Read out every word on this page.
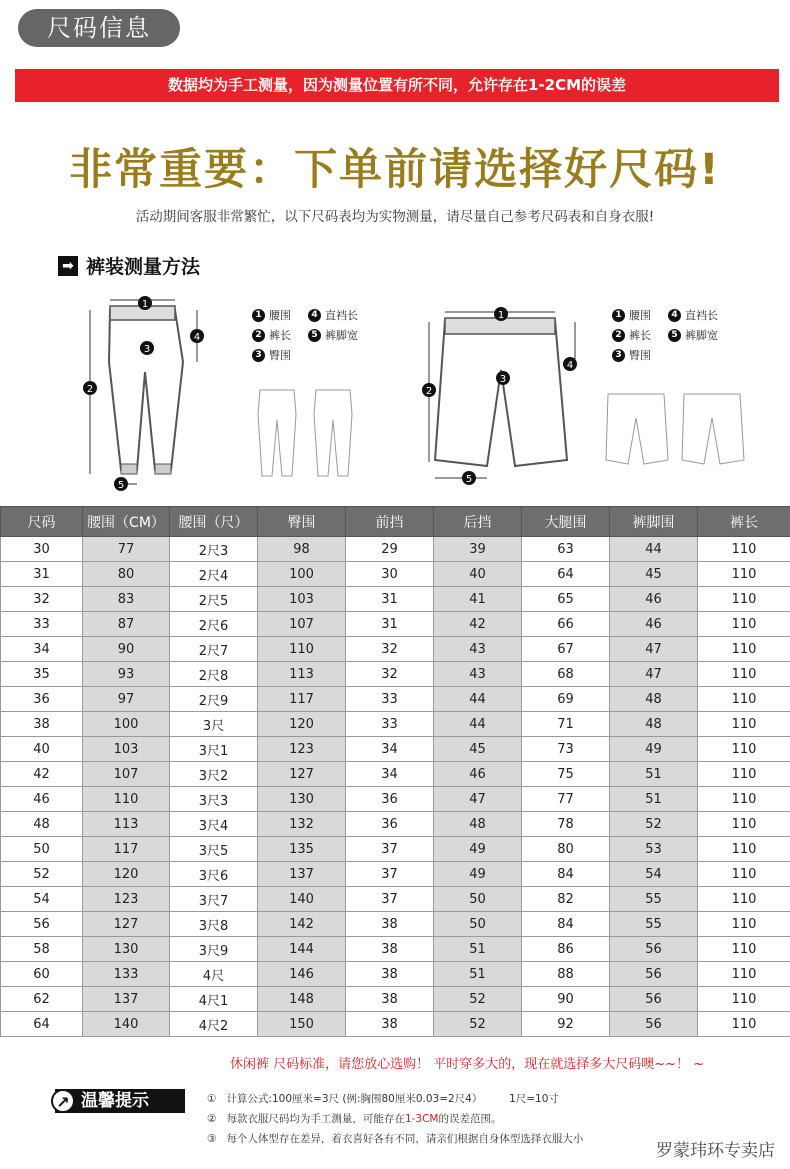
尺码信息
数据均为手工测量，因为测量位置有所不同，允许存在1-2CM的误差
非常重要：下单前请选择好尺码!
活动期间客服非常繁忙，以下尺码表均为实物测量，请尽量自己参考尺码表和自身衣服!
➡ 裤装测量方法
1
2
3
4
5
1 腰围	4 直裆长
2 裤长	5 裤脚宽
3 臀围
1
2
3
4
5
1 腰围	4 直裆长
2 裤长	5 裤脚宽
3 臀围
尺码	腰围（CM）	腰围（尺）	臀围	前挡	后挡	大腿围	裤脚围	裤长
30	77	2尺3	98	29	39	63	44	110
31	80	2尺4	100	30	40	64	45	110
32	83	2尺5	103	31	41	65	46	110
33	87	2尺6	107	31	42	66	46	110
34	90	2尺7	110	32	43	67	47	110
35	93	2尺8	113	32	43	68	47	110
36	97	2尺9	117	33	44	69	48	110
38	100	3尺	120	33	44	71	48	110
40	103	3尺1	123	34	45	73	49	110
42	107	3尺2	127	34	46	75	51	110
46	110	3尺3	130	36	47	77	51	110
48	113	3尺4	132	36	48	78	52	110
50	117	3尺5	135	37	49	80	53	110
52	120	3尺6	137	37	49	84	54	110
54	123	3尺7	140	37	50	82	55	110
56	127	3尺8	142	38	50	84	55	110
58	130	3尺9	144	38	51	86	56	110
60	133	4尺	146	38	51	88	56	110
62	137	4尺1	148	38	52	90	56	110
64	140	4尺2	150	38	52	92	56	110
休闲裤 尺码标准，请您放心选购！ 平时穿多大的，现在就选择多大尺码噢~~！ ~
↗ 温馨提示	① 计算公式:100厘米=3尺 (例:胸围80厘米0.03=2尺4）	1尺=10寸
② 每款衣服尺码均为手工测量，可能存在1-3CM的误差范围。
③ 每个人体型存在差异，着衣喜好各有不同，请亲们根据自身体型选择衣服大小
罗蒙玮环专卖店
